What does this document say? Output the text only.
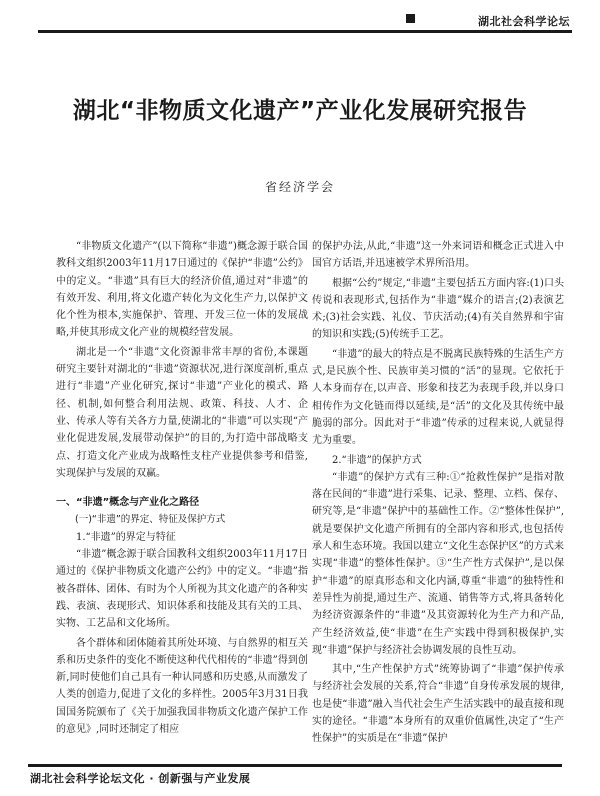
湖北社会科学论坛
湖北“非物质文化遗产”产业化发展研究报告
省经济学会

“非物质文化遗产”(以下简称“非遗”)概念源于联合国教科文组织2003年11月17日通过的《保护“非遗”公约》中的定义。“非遗”具有巨大的经济价值,通过对“非遗”的有效开发、利用,将文化遗产转化为文化生产力,以保护文化个性为根本,实施保护、管理、开发三位一体的发展战略,并使其形成文化产业的规模经营发展。

湖北是一个“非遗”文化资源非常丰厚的省份,本课题研究主要针对湖北的“非遗”资源状况,进行深度剖析,重点进行“非遗”产业化研究,探讨“非遗”产业化的模式、路径、机制,如何整合利用法规、政策、科技、人才、企业、传承人等有关各方力量,使湖北的“非遗”可以实现“产业化促进发展,发展带动保护”的目的,为打造中部战略支点、打造文化产业成为战略性支柱产业提供参考和借鉴,实现保护与发展的双赢。

一、“非遗”概念与产业化之路径

(一)“非遗”的界定、特征及保护方式

1.“非遗”的界定与特征

“非遗”概念源于联合国教科文组织2003年11月17日通过的《保护非物质文化遗产公约》中的定义。“非遗”指被各群体、团体、有时为个人所视为其文化遗产的各种实践、表演、表现形式、知识体系和技能及其有关的工具、实物、工艺品和文化场所。

各个群体和团体随着其所处环境、与自然界的相互关系和历史条件的变化不断使这种代代相传的“非遗”得到创新,同时使他们自己具有一种认同感和历史感,从而激发了人类的创造力,促进了文化的多样性。2005年3月31日我国国务院颁布了《关于加强我国非物质文化遗产保护工作的意见》,同时还制定了相应

的保护办法,从此,“非遗”这一外来词语和概念正式进入中国官方话语,并迅速被学术界所沿用。

根据“公约”规定,“非遗”主要包括五方面内容:(1)口头传说和表现形式,包括作为“非遗”媒介的语言;(2)表演艺术;(3)社会实践、礼仪、节庆活动;(4)有关自然界和宇宙的知识和实践;(5)传统手工艺。

“非遗”的最大的特点是不脱离民族特殊的生活生产方式,是民族个性、民族审美习惯的“活”的显现。它依托于人本身而存在,以声音、形象和技艺为表现手段,并以身口相传作为文化链而得以延续,是“活”的文化及其传统中最脆弱的部分。因此对于“非遗”传承的过程来说,人就显得尤为重要。

2.“非遗”的保护方式

“非遗”的保护方式有三种:①“抢救性保护”是指对散落在民间的“非遗”进行采集、记录、整理、立档、保存、研究等,是“非遗”保护中的基础性工作。②“整体性保护”,就是要保护文化遗产所拥有的全部内容和形式,也包括传承人和生态环境。我国以建立“文化生态保护区”的方式来实现“非遗”的整体性保护。③“生产性方式保护”,是以保护“非遗”的原真形态和文化内涵,尊重“非遗”的独特性和差异性为前提,通过生产、流通、销售等方式,将具备转化为经济资源条件的“非遗”及其资源转化为生产力和产品,产生经济效益,使“非遗”在生产实践中得到积极保护,实现“非遗”保护与经济社会协调发展的良性互动。

其中,“生产性保护方式”统筹协调了“非遗”保护传承与经济社会发展的关系,符合“非遗”自身传承发展的规律,也是使“非遗”融入当代社会生产生活实践中的最直接和现实的途径。“非遗”本身所有的双重价值属性,决定了“生产性保护”的实质是在“非遗”保护

湖北社会科学论坛文化 · 创新强与产业发展
